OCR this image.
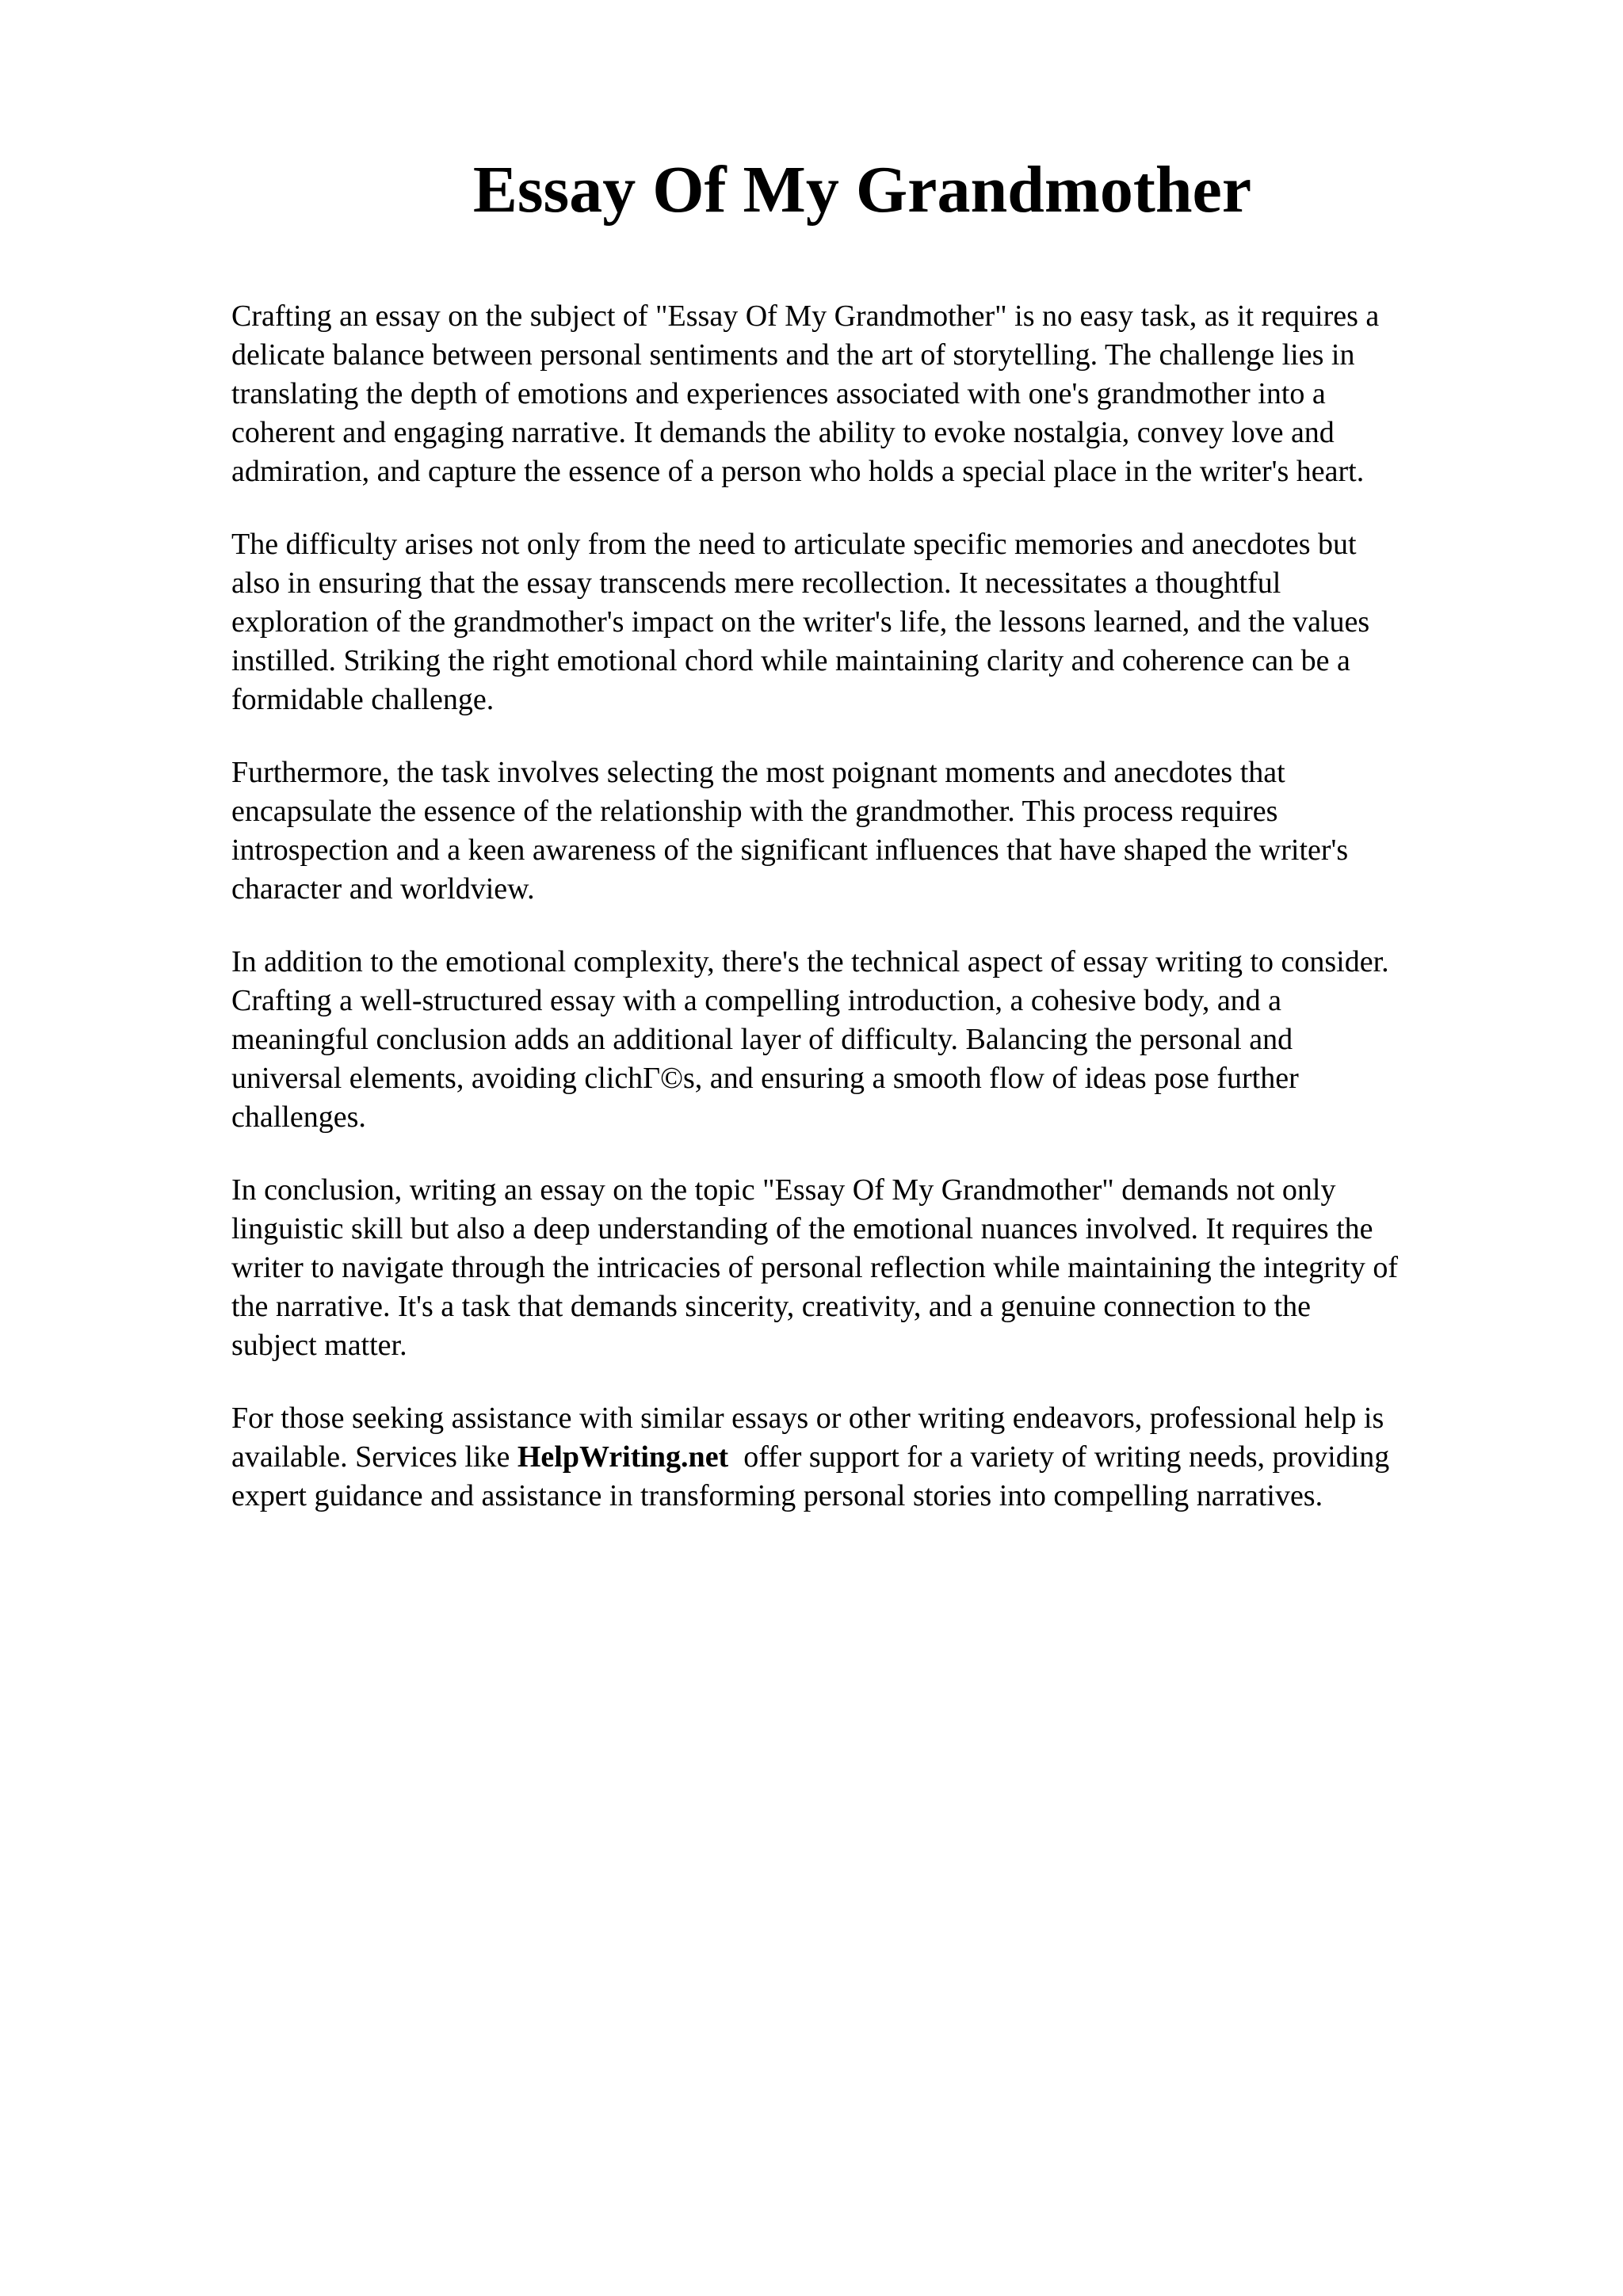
Essay Of My Grandmother

Crafting an essay on the subject of "Essay Of My Grandmother" is no easy task, as it requires a
delicate balance between personal sentiments and the art of storytelling. The challenge lies in
translating the depth of emotions and experiences associated with one's grandmother into a
coherent and engaging narrative. It demands the ability to evoke nostalgia, convey love and
admiration, and capture the essence of a person who holds a special place in the writer's heart.

The difficulty arises not only from the need to articulate specific memories and anecdotes but
also in ensuring that the essay transcends mere recollection. It necessitates a thoughtful
exploration of the grandmother's impact on the writer's life, the lessons learned, and the values
instilled. Striking the right emotional chord while maintaining clarity and coherence can be a
formidable challenge.

Furthermore, the task involves selecting the most poignant moments and anecdotes that
encapsulate the essence of the relationship with the grandmother. This process requires
introspection and a keen awareness of the significant influences that have shaped the writer's
character and worldview.

In addition to the emotional complexity, there's the technical aspect of essay writing to consider.
Crafting a well-structured essay with a compelling introduction, a cohesive body, and a
meaningful conclusion adds an additional layer of difficulty. Balancing the personal and
universal elements, avoiding clichГ©s, and ensuring a smooth flow of ideas pose further
challenges.

In conclusion, writing an essay on the topic "Essay Of My Grandmother" demands not only
linguistic skill but also a deep understanding of the emotional nuances involved. It requires the
writer to navigate through the intricacies of personal reflection while maintaining the integrity of
the narrative. It's a task that demands sincerity, creativity, and a genuine connection to the
subject matter.

For those seeking assistance with similar essays or other writing endeavors, professional help is
available. Services like HelpWriting.net  offer support for a variety of writing needs, providing
expert guidance and assistance in transforming personal stories into compelling narratives.
